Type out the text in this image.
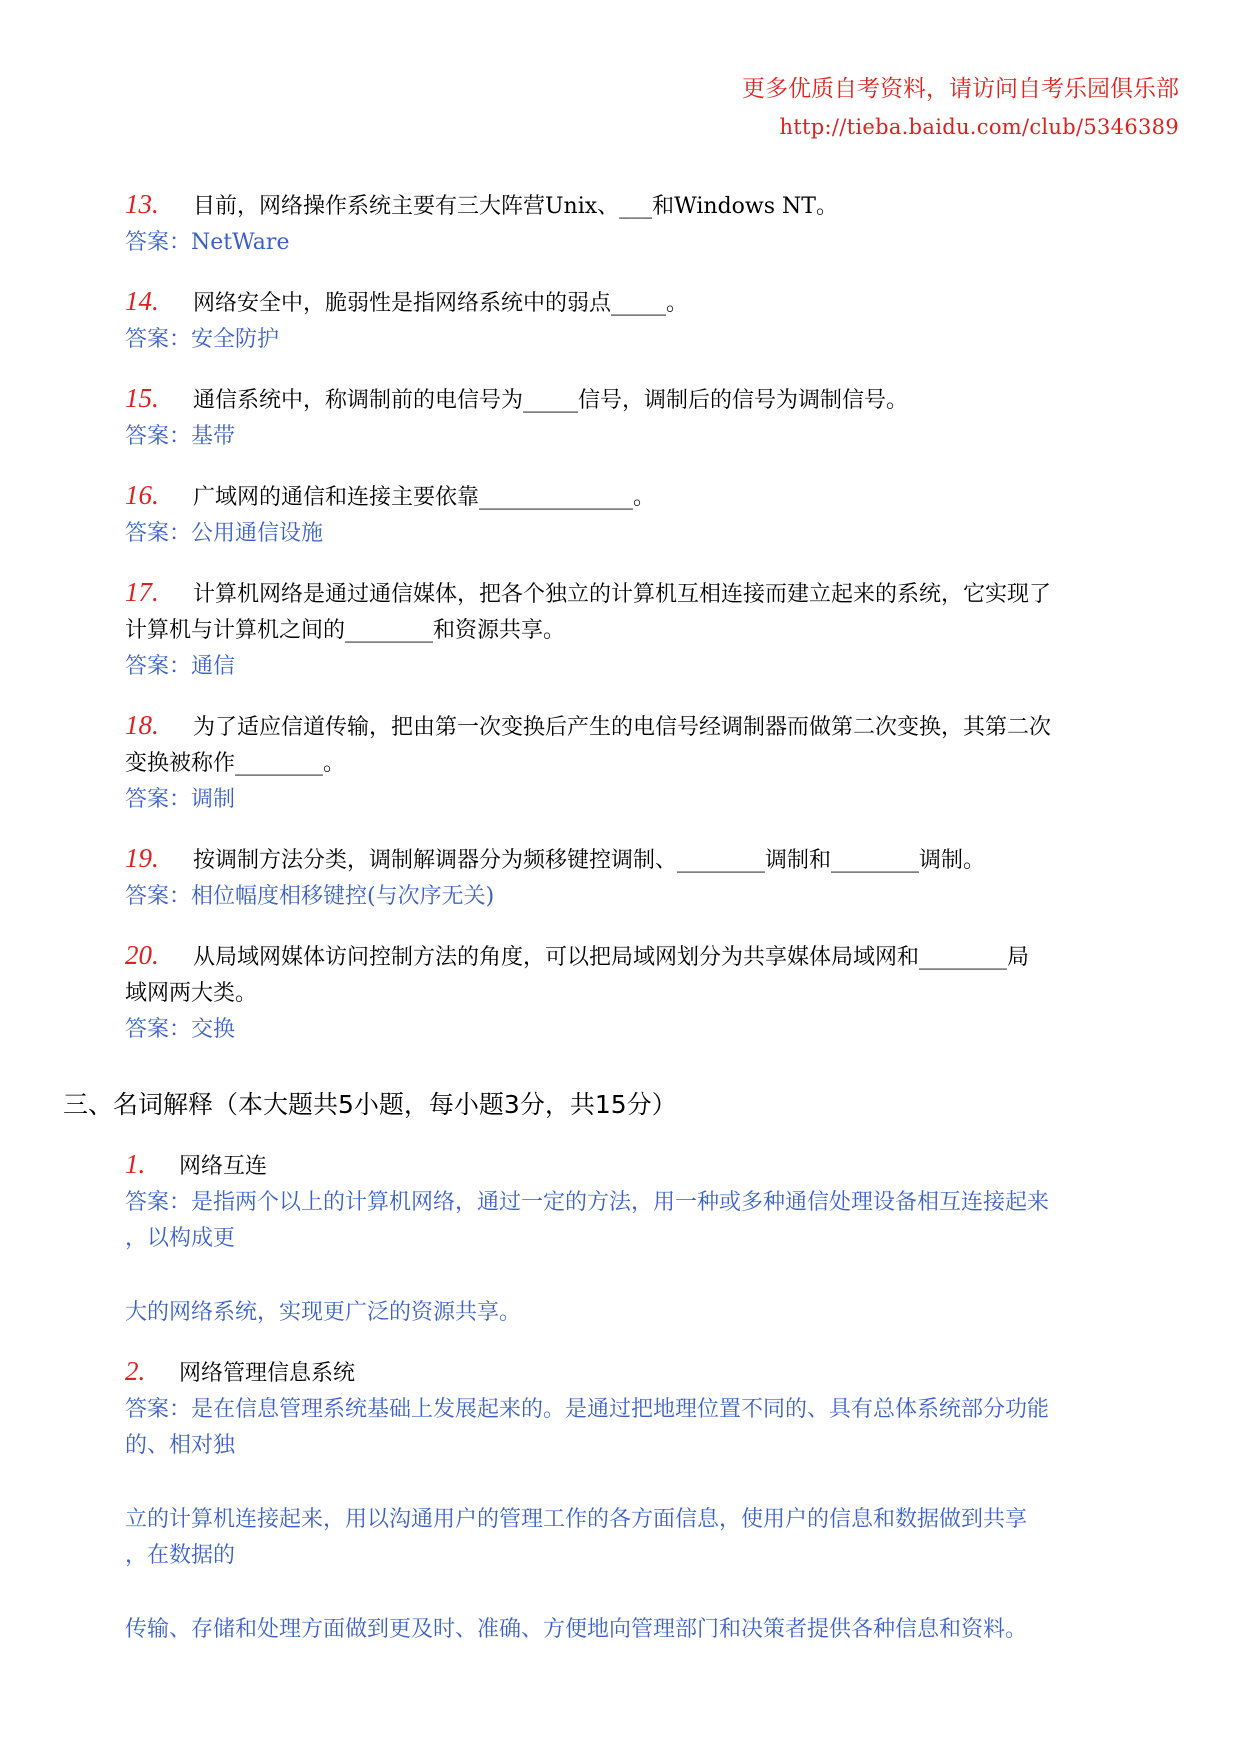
更多优质自考资料，请访问自考乐园俱乐部
http://tieba.baidu.com/club/5346389
13. 目前，网络操作系统主要有三大阵营Unix、___和Windows NT。
答案：NetWare
14. 网络安全中，脆弱性是指网络系统中的弱点_____。
答案：安全防护
15. 通信系统中，称调制前的电信号为_____信号，调制后的信号为调制信号。
答案：基带
16. 广域网的通信和连接主要依靠______________。
答案：公用通信设施
17. 计算机网络是通过通信媒体，把各个独立的计算机互相连接而建立起来的系统，它实现了
计算机与计算机之间的________和资源共享。
答案：通信
18. 为了适应信道传输，把由第一次变换后产生的电信号经调制器而做第二次变换，其第二次
变换被称作________。
答案：调制
19. 按调制方法分类，调制解调器分为频移键控调制、________调制和________调制。
答案：相位幅度相移键控(与次序无关)
20. 从局域网媒体访问控制方法的角度，可以把局域网划分为共享媒体局域网和________局
域网两大类。
答案：交换
三、名词解释（本大题共5小题，每小题3分，共15分）
1. 网络互连
答案：是指两个以上的计算机网络，通过一定的方法，用一种或多种通信处理设备相互连接起来
，以构成更
大的网络系统，实现更广泛的资源共享。
2. 网络管理信息系统
答案：是在信息管理系统基础上发展起来的。是通过把地理位置不同的、具有总体系统部分功能
的、相对独
立的计算机连接起来，用以沟通用户的管理工作的各方面信息，使用户的信息和数据做到共享
，在数据的
传输、存储和处理方面做到更及时、准确、方便地向管理部门和决策者提供各种信息和资料。
